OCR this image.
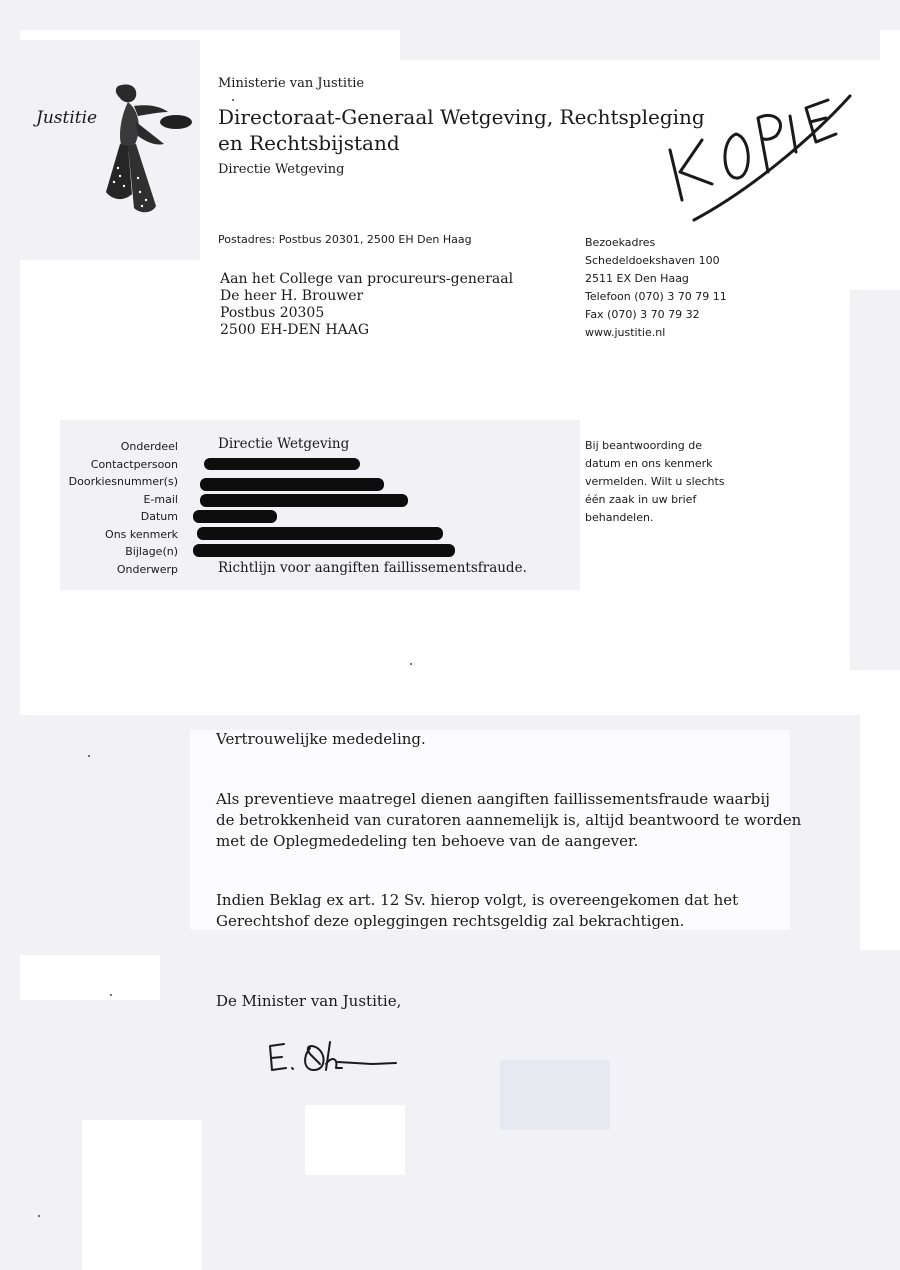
Justitie
Ministerie van Justitie
Directoraat-Generaal Wetgeving, Rechtspleging en Rechtsbijstand
Directie Wetgeving
Postadres: Postbus 20301, 2500 EH Den Haag
Aan het College van procureurs-generaal
De heer H. Brouwer
Postbus 20305
2500 EH-DEN HAAG
Bezoekadres
Schedeldoekshaven 100
2511 EX Den Haag
Telefoon (070) 3 70 79 11
Fax (070) 3 70 79 32
www.justitie.nl
Onderdeel
Contactpersoon
Doorkiesnummer(s)
E-mail
Datum
Ons kenmerk
Bijlage(n)
Onderwerp
Directie Wetgeving
Richtlijn voor aangiften faillissementsfraude.
Bij beantwoording de
datum en ons kenmerk
vermelden. Wilt u slechts
één zaak in uw brief
behandelen.
Vertrouwelijke mededeling.
Als preventieve maatregel dienen aangiften faillissementsfraude waarbij
de betrokkenheid van curatoren aannemelijk is, altijd beantwoord te worden
met de Oplegmededeling ten behoeve van de aangever.
Indien Beklag ex art. 12 Sv. hierop volgt, is overeengekomen dat het
Gerechtshof deze opleggingen rechtsgeldig zal bekrachtigen.
De Minister van Justitie,
